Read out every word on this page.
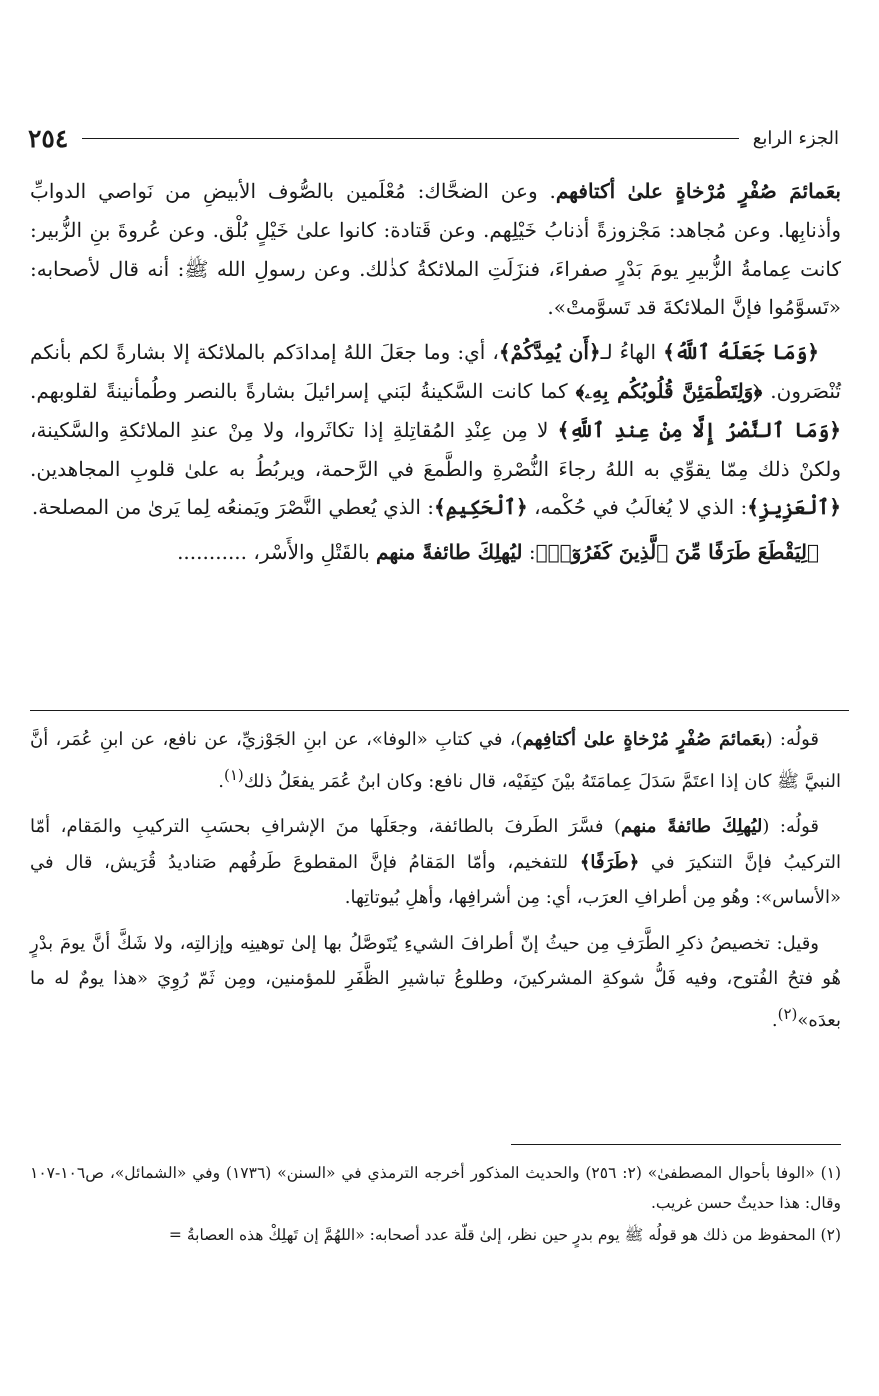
الجزء الرابع
٢٥٤

بعَمائمَ صُفْرٍ مُرْخاةٍ علىٰ أكتافهم. وعن الضحَّاك: مُعْلَمين بالصُّوف الأبيضِ من نَواصي الدوابِّ وأذنابِها. وعن مُجاهد: مَجْزوزةً أذنابُ خَيْلِهم. وعن قَتادة: كانوا علىٰ خَيْلٍ بُلْق. وعن عُروةَ بنِ الزُّبير: كانت عِمامةُ الزُّبيرِ يومَ بَدْرٍ صفراءَ، فنزَلَتِ الملائكةُ كذٰلك. وعن رسولِ الله ﷺ: أنه قال لأصحابه: «تَسوَّمُوا فإنَّ الملائكةَ قد تَسوَّمتْ».

﴿وَمَا جَعَلَهُ ٱللَّهُ﴾ الهاءُ لـ﴿أَن يُمِدَّكُمْ﴾، أي: وما جعَلَ اللهُ إمدادَكم بالملائكة إلا بشارةً لكم بأنكم تُنْصَرون. ﴿وَلِتَطْمَئِنَّ قُلُوبُكُم بِهِۦ﴾ كما كانت السَّكينةُ لبَني إسرائيلَ بشارةً بالنصر وطُمأنينةً لقلوبهم. ﴿وَمَا ٱلنَّصْرُ إِلَّا مِنْ عِندِ ٱللَّهِ﴾ لا مِن عِنْدِ المُقاتِلةِ إذا تكاثَروا، ولا مِنْ عندِ الملائكةِ والسَّكينة، ولكنْ ذلك مِمّا يقوِّي به اللهُ رجاءَ النُّصْرةِ والطَّمعَ في الرَّحمة، ويربُطُ به علىٰ قلوبِ المجاهدين. ﴿ٱلْعَزِيزِ﴾: الذي لا يُغالَبُ في حُكْمه، ﴿ٱلْحَكِيمِ﴾: الذي يُعطي النَّصْرَ ويَمنعُه لِما يَرىٰ من المصلحة.

﴿لِيَقْطَعَ طَرَفًا مِّنَ ٱلَّذِينَ كَفَرُوٓا۟﴾: ليُهلِكَ طائفةً منهم بالقَتْلِ والأَسْر، ...........

قولُه: (بعَمائمَ صُفْرٍ مُرْخاةٍ علىٰ أكتافِهم)، في كتابِ «الوفا»، عن ابنِ الجَوْزيِّ، عن نافع، عن ابنِ عُمَر، أنَّ النبيَّ ﷺ كان إذا اعتَمَّ سَدَلَ عِمامَتَهُ بيْنَ كتِفَيْه، قال نافع: وكان ابنُ عُمَر يفعَلُ ذلك$^{(١)}$.

قولُه: (ليُهلِكَ طائفةً منهم) فسَّرَ الطَرفَ بالطائفة، وجعَلَها منَ الإشرافِ بحسَبِ التركيبِ والمَقام، أمّا التركيبُ فإنَّ التنكيرَ في ﴿طَرَفًا﴾ للتفخيم، وأمّا المَقامُ فإنَّ المقطوعَ طَرفُهم صَناديدُ قُرَيش، قال في «الأساس»: وهُو مِن أطرافِ العرَب، أي: مِن أشرافِها، وأهلِ بُيوتاتِها.

وقيل: تخصيصُ ذكرِ الطَّرَفِ مِن حيثُ إنّ أطرافَ الشيءِ يُتَوصَّلُ بها إلىٰ توهينِه وإزالتِه، ولا شَكَّ أنَّ يومَ بدْرٍ هُو فتحُ الفُتوح، وفيه فَلُّ شوكةِ المشركينَ، وطلوعُ تباشيرِ الظَّفَرِ للمؤمنين، ومِن ثَمّ رُوِيَ «هذا يومٌ له ما بعدَه»$^{(٢)}$.

(١) «الوفا بأحوال المصطفىٰ» (٢: ٢٥٦) والحديث المذكور أخرجه الترمذي في «السنن» (١٧٣٦) وفي «الشمائل»، ص١٠٦-١٠٧ وقال: هذا حديثٌ حسن غريب.

(٢) المحفوظ من ذلك هو قولُه ﷺ يوم بدرٍ حين نظر، إلىٰ قلّة عدد أصحابه: «اللهُمَّ إن تَهلِكْ هذه العصابةُ =
